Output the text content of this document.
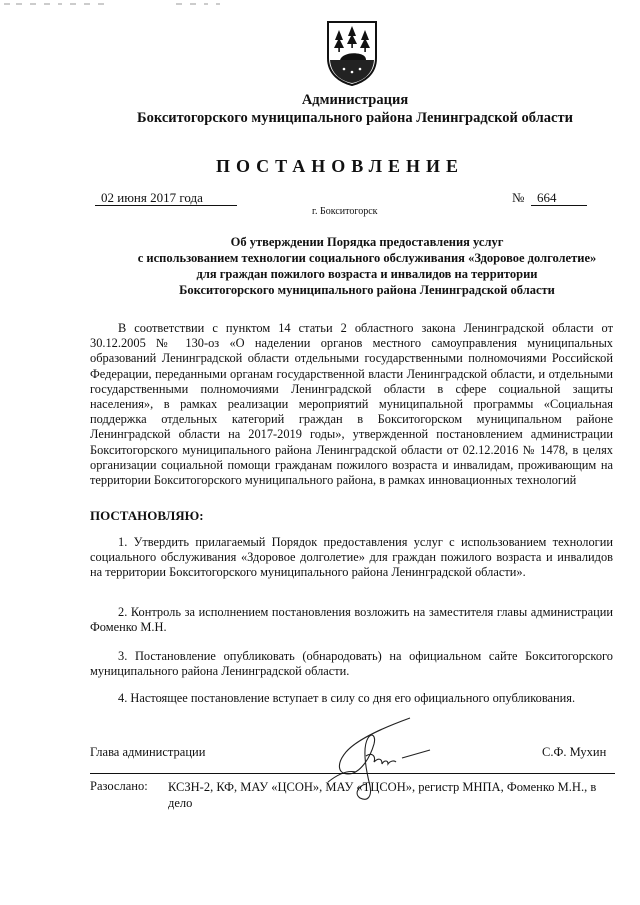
Администрация
Бокситогорского муниципального района Ленинградской области
ПОСТАНОВЛЕНИЕ
02 июня 2017 года	№ 664
г. Бокситогорск
Об утверждении Порядка предоставления услуг
с использованием технологии социального обслуживания «Здоровое долголетие»
для граждан пожилого возраста и инвалидов на территории
Бокситогорского муниципального района Ленинградской области
В соответствии с пунктом 14 статьи 2 областного закона Ленинградской области от 30.12.2005 № 130-оз «О наделении органов местного самоуправления муниципальных образований Ленинградской области отдельными государственными полномочиями Российской Федерации, переданными органам государственной власти Ленинградской области, и отдельными государственными полномочиями Ленинградской области в сфере социальной защиты населения», в рамках реализации мероприятий муниципальной программы «Социальная поддержка отдельных категорий граждан в Бокситогорском муниципальном районе Ленинградской области на 2017-2019 годы», утвержденной постановлением администрации Бокситогорского муниципального района Ленинградской области от 02.12.2016 № 1478, в целях организации социальной помощи гражданам пожилого возраста и инвалидам, проживающим на территории Бокситогорского муниципального района, в рамках инновационных технологий
ПОСТАНОВЛЯЮ:
1. Утвердить прилагаемый Порядок предоставления услуг с использованием технологии социального обслуживания «Здоровое долголетие» для граждан пожилого возраста и инвалидов на территории Бокситогорского муниципального района Ленинградской области».
2. Контроль за исполнением постановления возложить на заместителя главы администрации Фоменко М.Н.
3. Постановление опубликовать (обнародовать) на официальном сайте Бокситогорского муниципального района Ленинградской области.
4. Настоящее постановление вступает в силу со дня его официального опубликования.
Глава администрации	С.Ф. Мухин
Разослано: КСЗН-2, КФ, МАУ «ЦСОН», МАУ «ТЦСОН», регистр МНПА, Фоменко М.Н., в дело
